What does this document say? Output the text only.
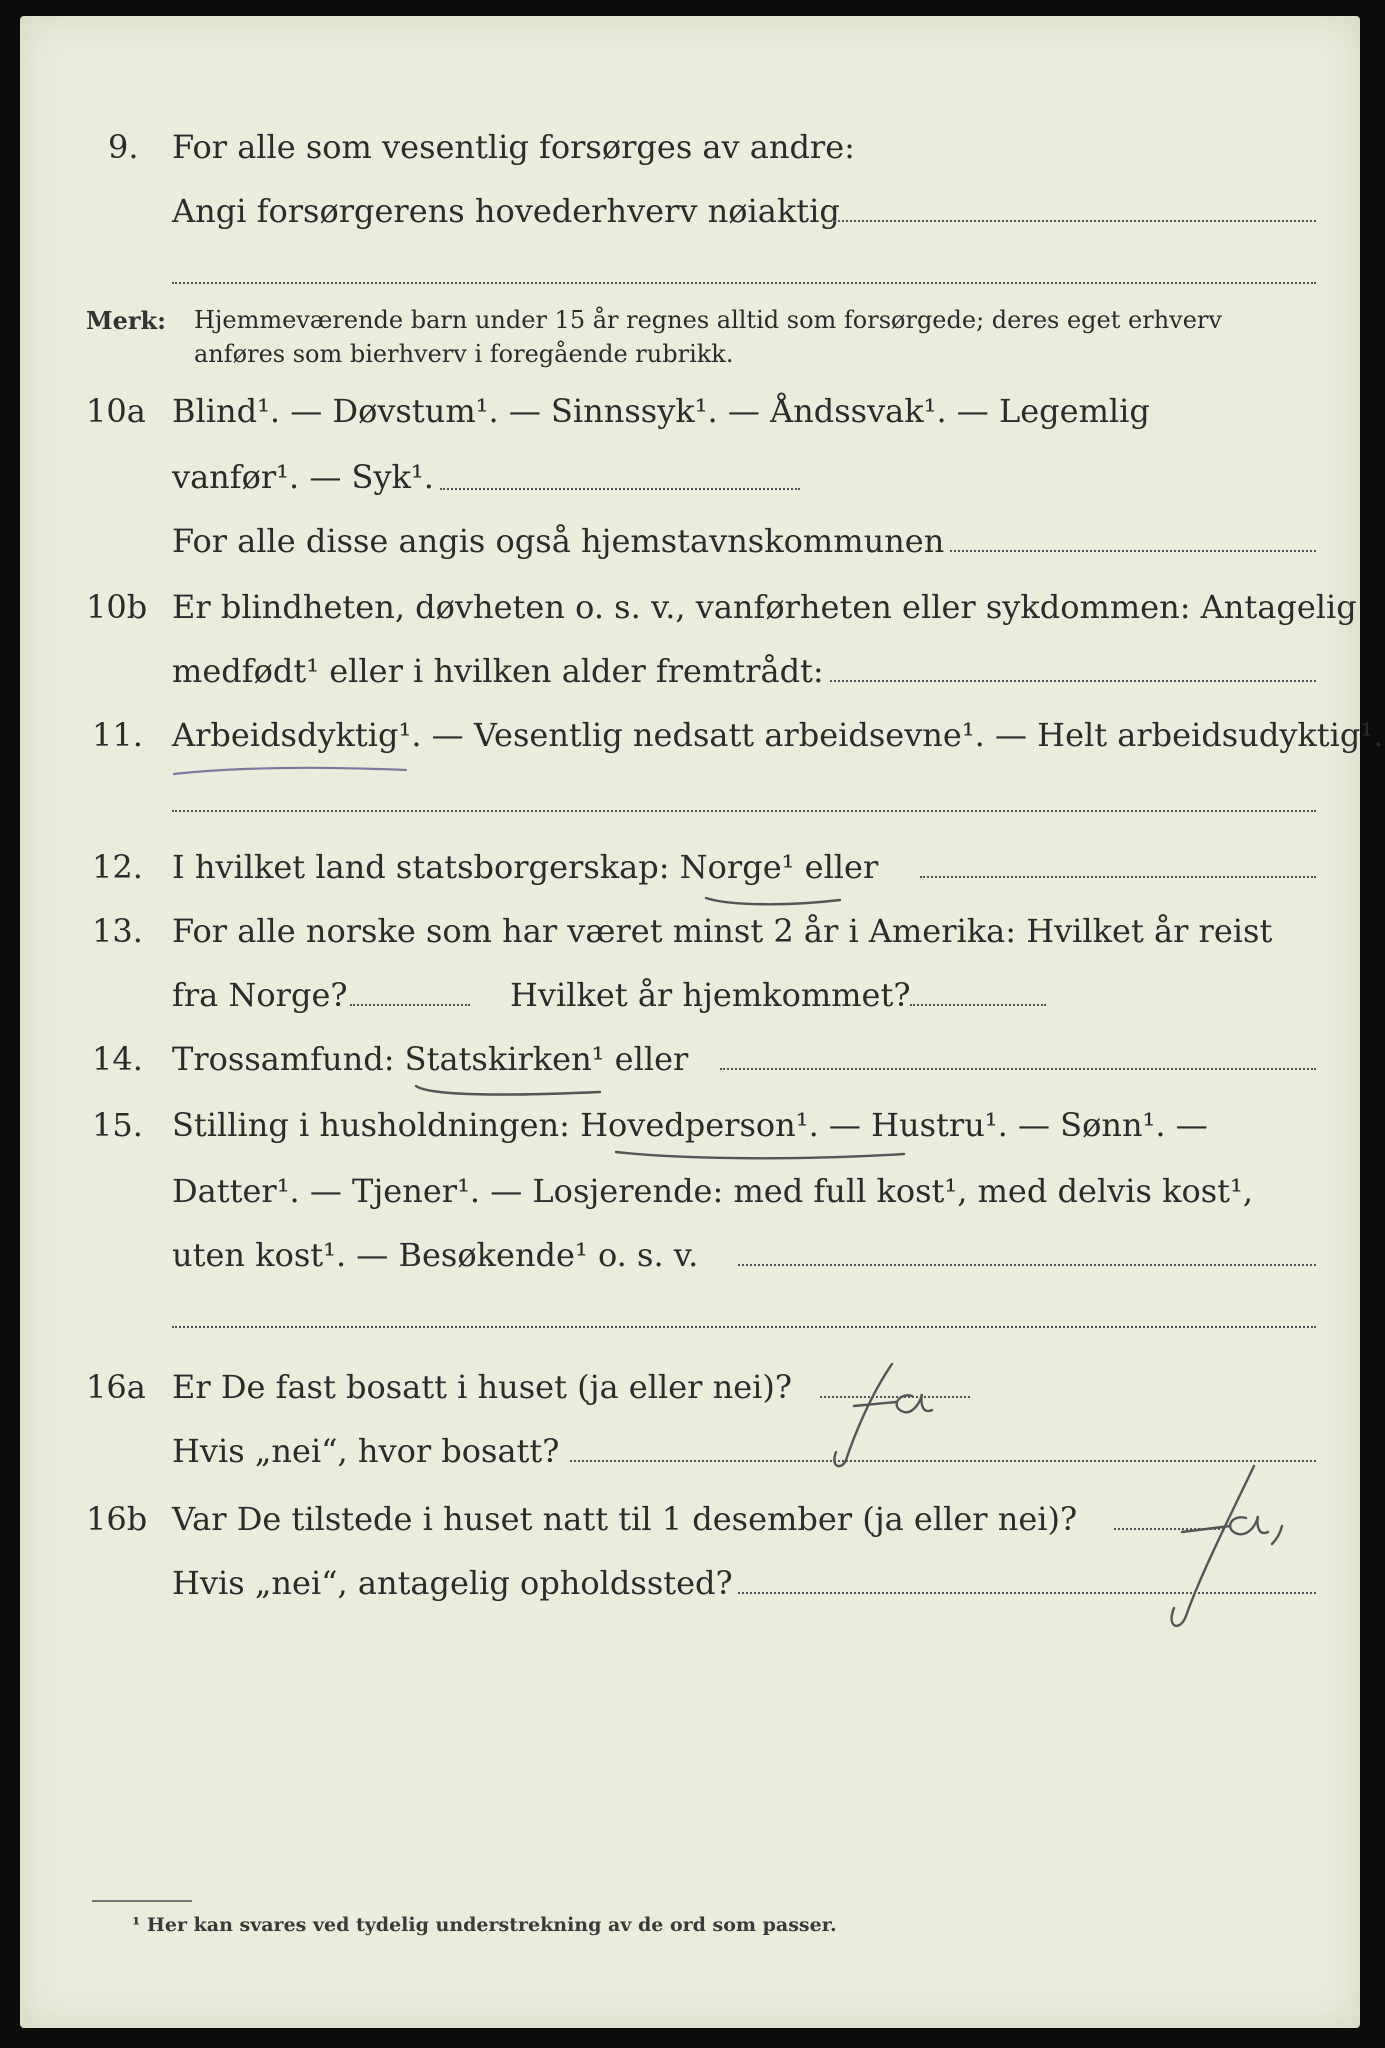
9. For alle som vesentlig forsørges av andre:
Angi forsørgerens hovederhverv nøiaktig
Merk: Hjemmeværende barn under 15 år regnes alltid som forsørgede; deres eget erhverv
anføres som bierhverv i foregående rubrikk.
10a Blind¹. — Døvstum¹. — Sinnssyk¹. — Åndssvak¹. — Legemlig
vanfør¹. — Syk¹.
For alle disse angis også hjemstavnskommunen
10b Er blindheten, døvheten o. s. v., vanførheten eller sykdommen: Antagelig
medfødt¹ eller i hvilken alder fremtrådt:
11. Arbeidsdyktig¹. — Vesentlig nedsatt arbeidsevne¹. — Helt arbeidsudyktig¹.
12. I hvilket land statsborgerskap: Norge¹ eller
13. For alle norske som har været minst 2 år i Amerika: Hvilket år reist
fra Norge?	Hvilket år hjemkommet?
14. Trossamfund: Statskirken¹ eller
15. Stilling i husholdningen: Hovedperson¹. — Hustru¹. — Sønn¹. —
Datter¹. — Tjener¹. — Losjerende: med full kost¹, med delvis kost¹,
uten kost¹. — Besøkende¹ o. s. v.
16a Er De fast bosatt i huset (ja eller nei)?
Hvis „nei“, hvor bosatt?
16b Var De tilstede i huset natt til 1 desember (ja eller nei)?
Hvis „nei“, antagelig opholdssted?
¹ Her kan svares ved tydelig understrekning av de ord som passer.
